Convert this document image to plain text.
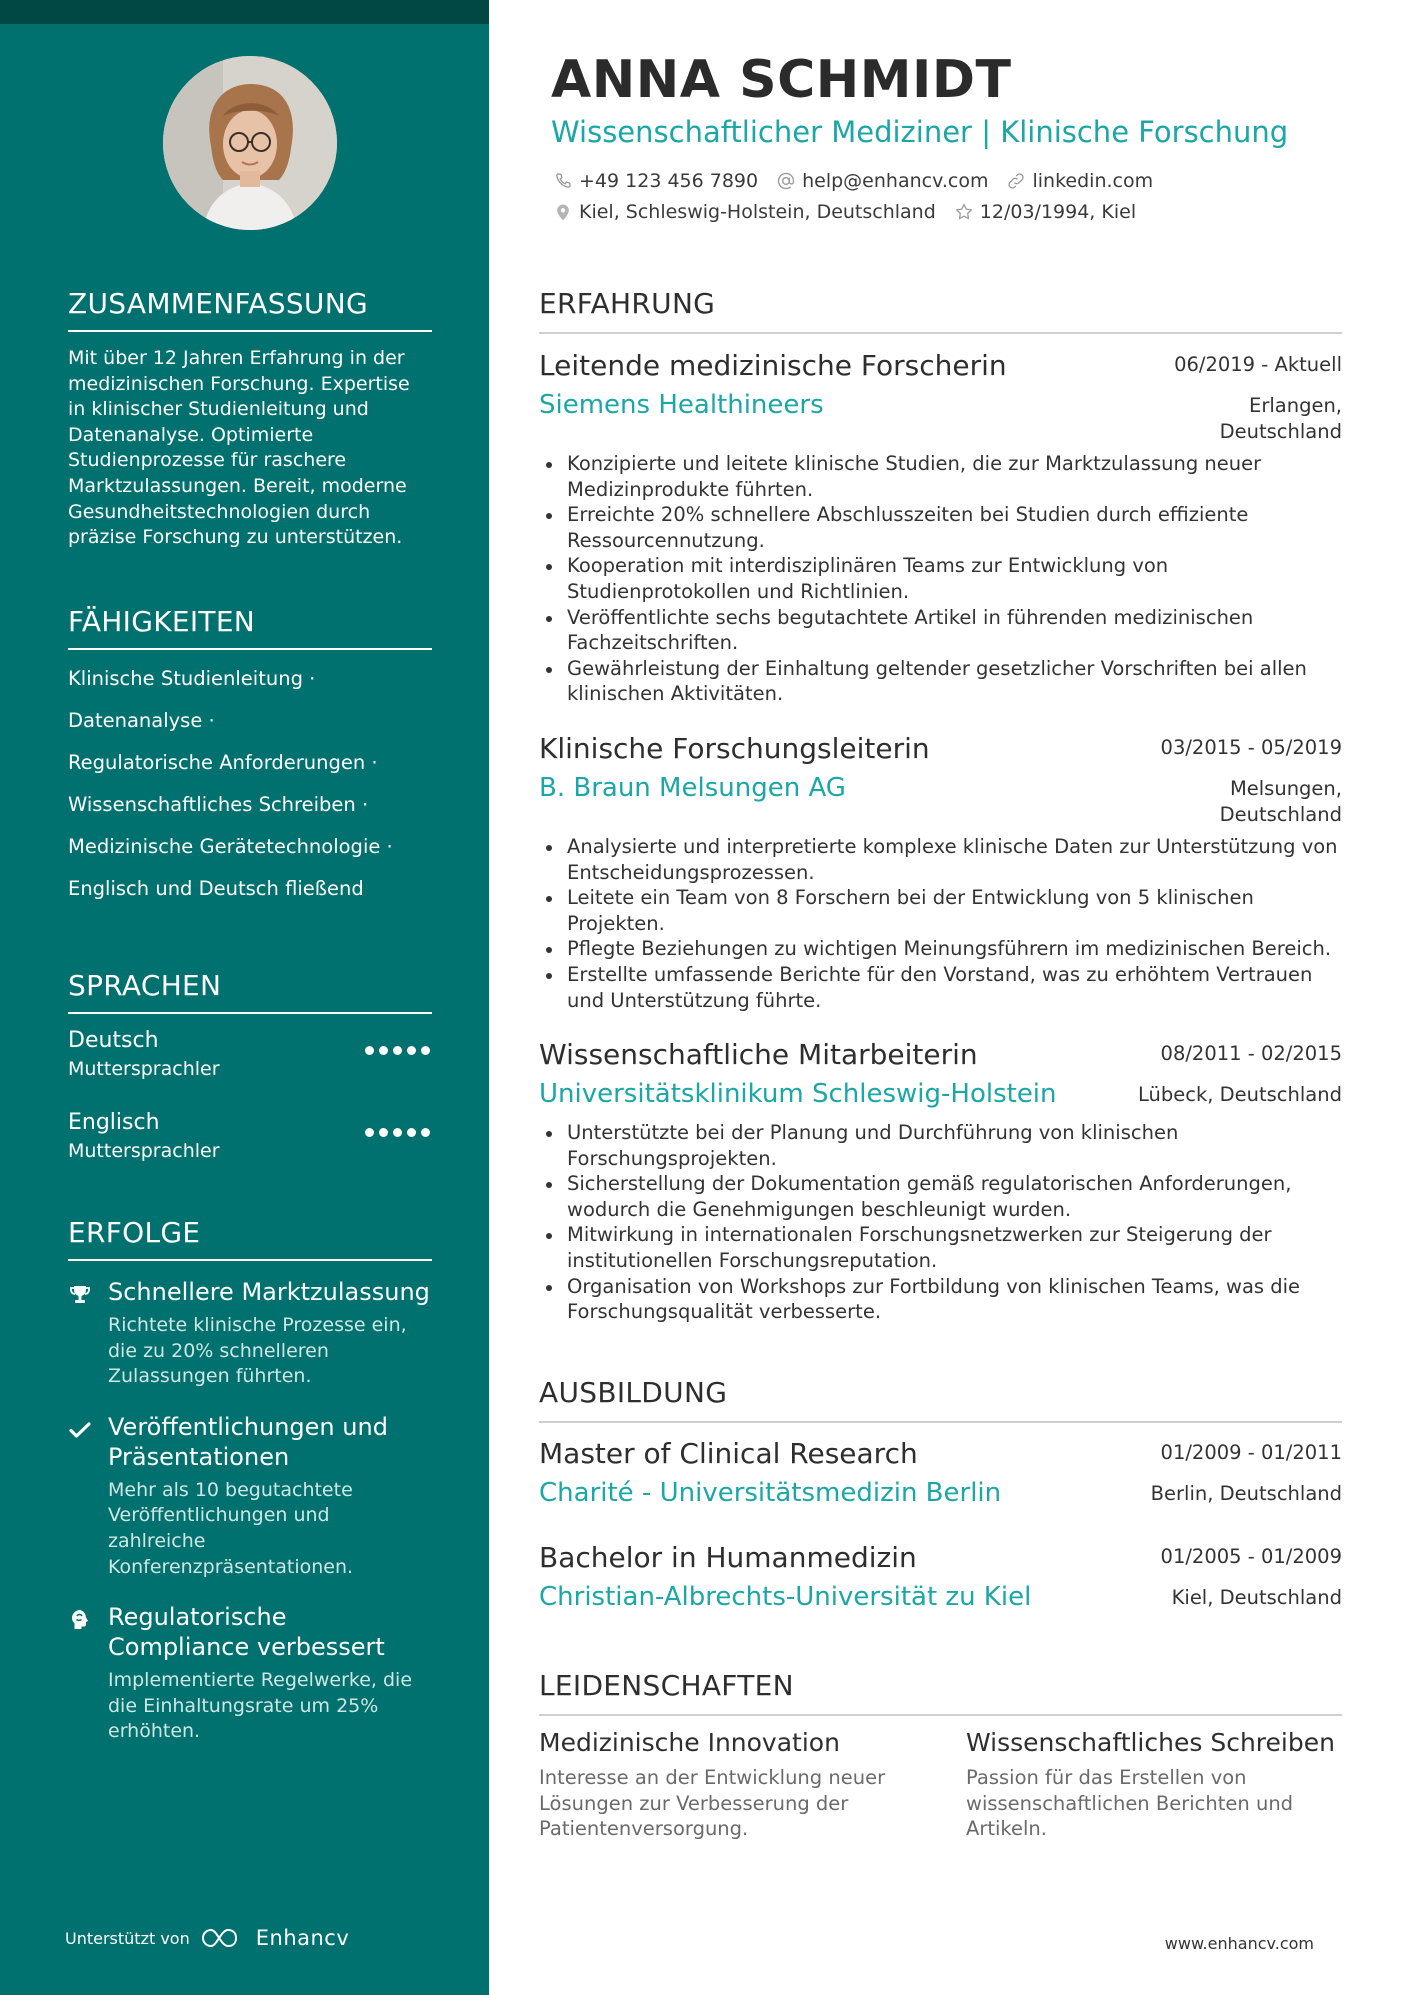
ZUSAMMENFASSUNG
Mit über 12 Jahren Erfahrung in der medizinischen Forschung. Expertise in klinischer Studienleitung und Datenanalyse. Optimierte Studienprozesse für raschere Marktzulassungen. Bereit, moderne Gesundheitstechnologien durch präzise Forschung zu unterstützen.
FÄHIGKEITEN
Klinische Studienleitung ·
Datenanalyse ·
Regulatorische Anforderungen ·
Wissenschaftliches Schreiben ·
Medizinische Gerätetechnologie ·
Englisch und Deutsch fließend
SPRACHEN
Deutsch
Muttersprachler
Englisch
Muttersprachler
ERFOLGE
Schnellere Marktzulassung
Richtete klinische Prozesse ein, die zu 20% schnelleren Zulassungen führten.
Veröffentlichungen und Präsentationen
Mehr als 10 begutachtete Veröffentlichungen und zahlreiche Konferenzpräsentationen.
Regulatorische Compliance verbessert
Implementierte Regelwerke, die die Einhaltungsrate um 25% erhöhten.
Unterstützt von	Enhancv
ANNA SCHMIDT
Wissenschaftlicher Mediziner | Klinische Forschung
+49 123 456 7890 help@enhancv.com linkedin.com
Kiel, Schleswig-Holstein, Deutschland 12/03/1994, Kiel
ERFAHRUNG
Leitende medizinische Forscherin	06/2019 - Aktuell
Siemens Healthineers	Erlangen,
Deutschland
Konzipierte und leitete klinische Studien, die zur Marktzulassung neuer Medizinprodukte führten.
Erreichte 20% schnellere Abschlusszeiten bei Studien durch effiziente Ressourcennutzung.
Kooperation mit interdisziplinären Teams zur Entwicklung von Studienprotokollen und Richtlinien.
Veröffentlichte sechs begutachtete Artikel in führenden medizinischen Fachzeitschriften.
Gewährleistung der Einhaltung geltender gesetzlicher Vorschriften bei allen klinischen Aktivitäten.
Klinische Forschungsleiterin	03/2015 - 05/2019
B. Braun Melsungen AG	Melsungen,
Deutschland
Analysierte und interpretierte komplexe klinische Daten zur Unterstützung von Entscheidungsprozessen.
Leitete ein Team von 8 Forschern bei der Entwicklung von 5 klinischen Projekten.
Pflegte Beziehungen zu wichtigen Meinungsführern im medizinischen Bereich.
Erstellte umfassende Berichte für den Vorstand, was zu erhöhtem Vertrauen und Unterstützung führte.
Wissenschaftliche Mitarbeiterin	08/2011 - 02/2015
Universitätsklinikum Schleswig-Holstein	Lübeck, Deutschland
Unterstützte bei der Planung und Durchführung von klinischen Forschungsprojekten.
Sicherstellung der Dokumentation gemäß regulatorischen Anforderungen, wodurch die Genehmigungen beschleunigt wurden.
Mitwirkung in internationalen Forschungsnetzwerken zur Steigerung der institutionellen Forschungsreputation.
Organisation von Workshops zur Fortbildung von klinischen Teams, was die Forschungsqualität verbesserte.
AUSBILDUNG
Master of Clinical Research	01/2009 - 01/2011
Charité - Universitätsmedizin Berlin	Berlin, Deutschland
Bachelor in Humanmedizin	01/2005 - 01/2009
Christian-Albrechts-Universität zu Kiel	Kiel, Deutschland
LEIDENSCHAFTEN
Medizinische Innovation
Interesse an der Entwicklung neuer Lösungen zur Verbesserung der Patientenversorgung.
Wissenschaftliches Schreiben
Passion für das Erstellen von wissenschaftlichen Berichten und Artikeln.
www.enhancv.com
